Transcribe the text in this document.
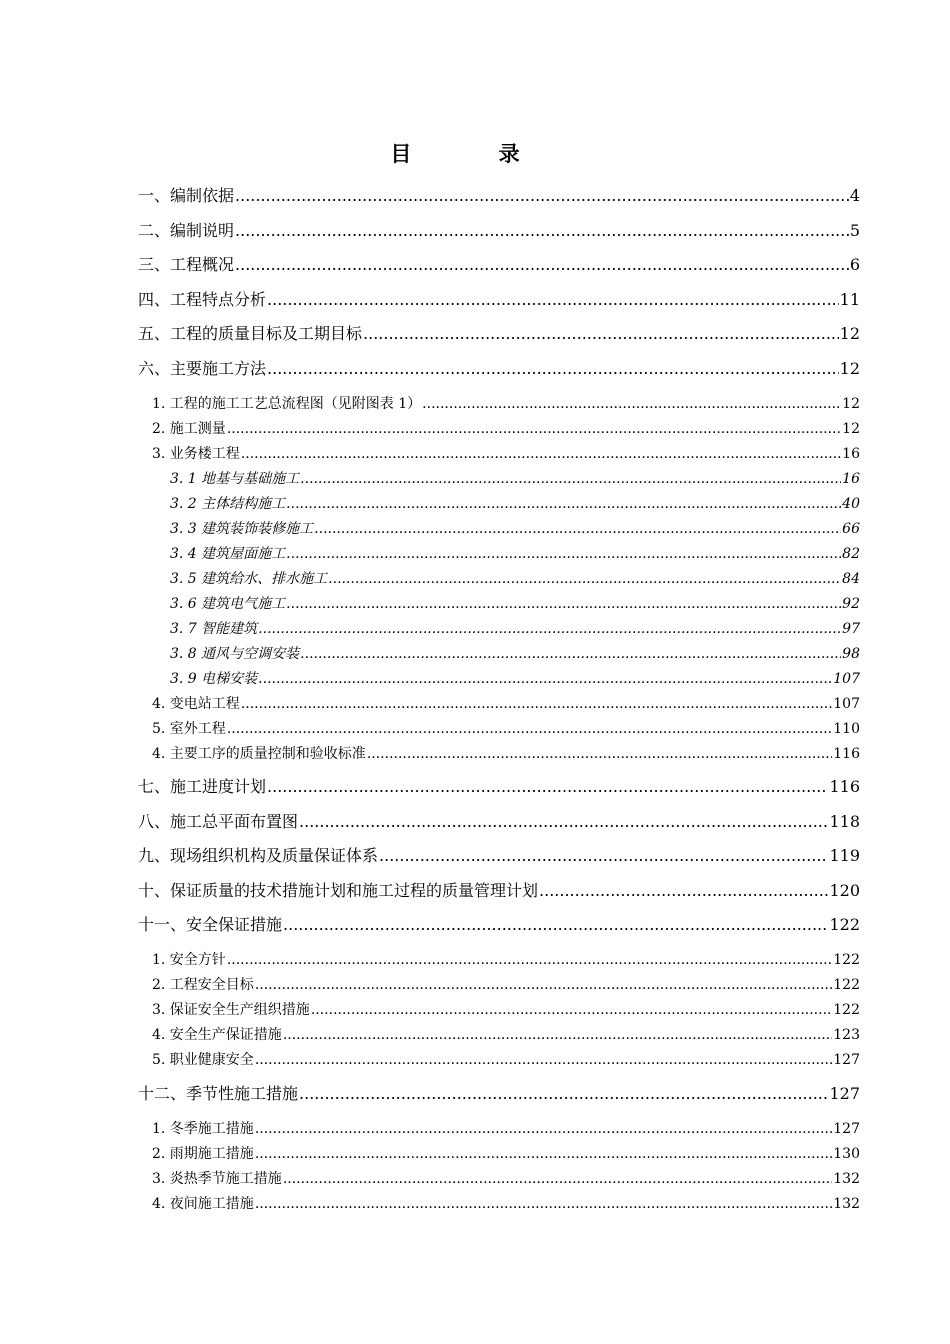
目 录
一、编制依据 .....	4
二、编制说明 .....	5
三、工程概况 .....	6
四、工程特点分析 .....	11
五、工程的质量目标及工期目标 .....	12
六、主要施工方法 .....	12
1. 工程的施工工艺总流程图（见附图表 1） .....	12
2. 施工测量 .....	12
3. 业务楼工程 .....	16
3. 1 地基与基础施工 .....	16
3. 2 主体结构施工 .....	40
3. 3 建筑装饰装修施工 .....	66
3. 4 建筑屋面施工 .....	82
3. 5 建筑给水、排水施工 .....	84
3. 6 建筑电气施工 .....	92
3. 7 智能建筑 .....	97
3. 8 通风与空调安装 .....	98
3. 9 电梯安装 .....	107
4. 变电站工程 .....	107
5. 室外工程 .....	110
4. 主要工序的质量控制和验收标准 .....	116
七、施工进度计划 .....	116
八、施工总平面布置图 .....	118
九、现场组织机构及质量保证体系 .....	119
十、保证质量的技术措施计划和施工过程的质量管理计划 .....	120
十一、安全保证措施 .....	122
1. 安全方针 .....	122
2. 工程安全目标 .....	122
3. 保证安全生产组织措施 .....	122
4. 安全生产保证措施 .....	123
5. 职业健康安全 .....	127
十二、季节性施工措施 .....	127
1. 冬季施工措施 .....	127
2. 雨期施工措施 .....	130
3. 炎热季节施工措施 .....	132
4. 夜间施工措施 .....	132
